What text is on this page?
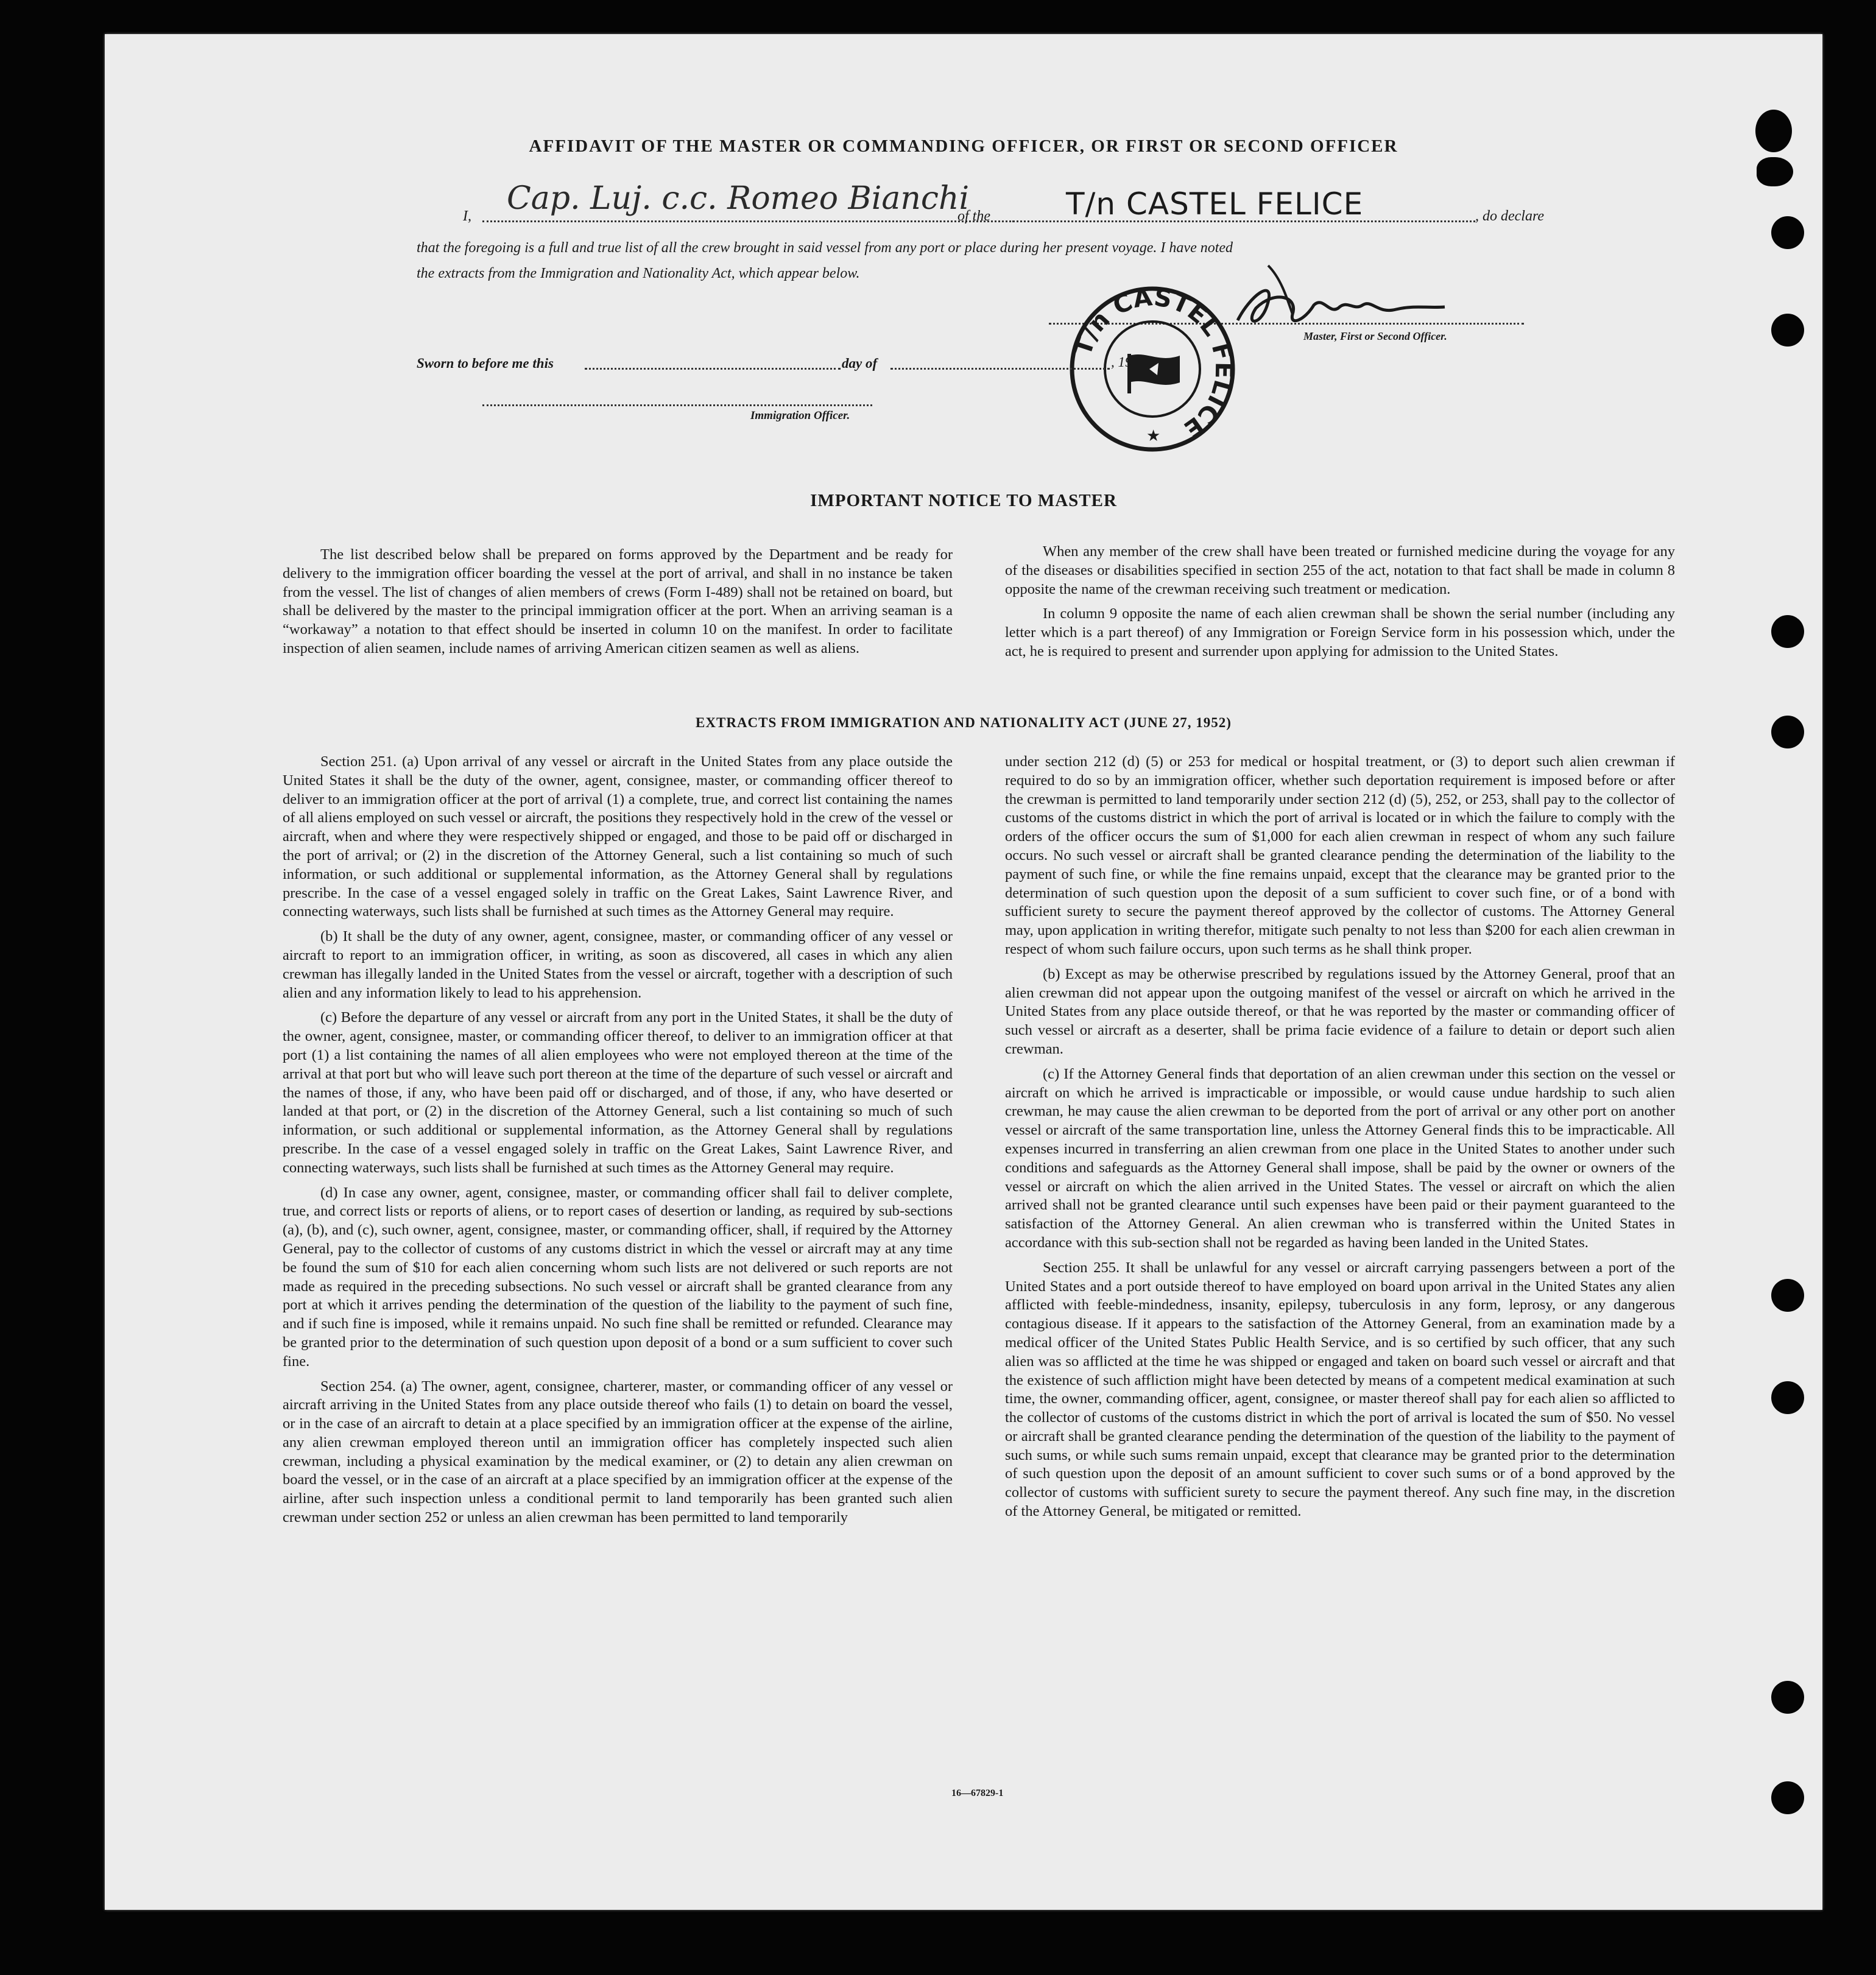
AFFIDAVIT OF THE MASTER OR COMMANDING OFFICER, OR FIRST OR SECOND OFFICER
I, Cap. Luj. c.c. Romeo Bianchi
of the T/n CASTEL FELICE	, do declare
that the foregoing is a full and true list of all the crew brought in said vessel from any port or place during her present voyage. I have noted
the extracts from the Immigration and Nationality Act, which appear below.
Master, First or Second Officer.
T/n CASTEL FELICE
★
Sworn to before me this	day of	, 19
Immigration Officer.
IMPORTANT NOTICE TO MASTER

The list described below shall be prepared on forms approved by the Department and be ready for delivery to the immigration officer boarding the vessel at the port of arrival, and shall in no instance be taken from the vessel. The list of changes of alien members of crews (Form I-489) shall not be retained on board, but shall be delivered by the master to the principal immigration officer at the port. When an arriving seaman is a “workaway” a notation to that effect should be inserted in column 10 on the manifest. In order to facilitate inspection of alien seamen, include names of arriving American citizen seamen as well as aliens.

When any member of the crew shall have been treated or furnished medicine during the voyage for any of the diseases or disabilities specified in section 255 of the act, notation to that fact shall be made in column 8 opposite the name of the crewman receiving such treatment or medication.

In column 9 opposite the name of each alien crewman shall be shown the serial number (including any letter which is a part thereof) of any Immigration or Foreign Service form in his possession which, under the act, he is required to present and surrender upon applying for admission to the United States.

EXTRACTS FROM IMMIGRATION AND NATIONALITY ACT (JUNE 27, 1952)

Section 251. (a) Upon arrival of any vessel or aircraft in the United States from any place outside the United States it shall be the duty of the owner, agent, consignee, master, or commanding officer thereof to deliver to an immigration officer at the port of arrival (1) a complete, true, and correct list containing the names of all aliens employed on such vessel or aircraft, the positions they respectively hold in the crew of the vessel or aircraft, when and where they were respectively shipped or engaged, and those to be paid off or discharged in the port of arrival; or (2) in the discretion of the Attorney General, such a list containing so much of such information, or such additional or supplemental information, as the Attorney General shall by regulations prescribe. In the case of a vessel engaged solely in traffic on the Great Lakes, Saint Lawrence River, and connecting waterways, such lists shall be furnished at such times as the Attorney General may require.

(b) It shall be the duty of any owner, agent, consignee, master, or commanding officer of any vessel or aircraft to report to an immigration officer, in writing, as soon as discovered, all cases in which any alien crewman has illegally landed in the United States from the vessel or aircraft, together with a description of such alien and any information likely to lead to his apprehension.

(c) Before the departure of any vessel or aircraft from any port in the United States, it shall be the duty of the owner, agent, consignee, master, or commanding officer thereof, to deliver to an immigration officer at that port (1) a list containing the names of all alien employees who were not employed thereon at the time of the arrival at that port but who will leave such port thereon at the time of the departure of such vessel or aircraft and the names of those, if any, who have been paid off or discharged, and of those, if any, who have deserted or landed at that port, or (2) in the discretion of the Attorney General, such a list containing so much of such information, or such additional or supplemental information, as the Attorney General shall by regulations prescribe. In the case of a vessel engaged solely in traffic on the Great Lakes, Saint Lawrence River, and connecting waterways, such lists shall be furnished at such times as the Attorney General may require.

(d) In case any owner, agent, consignee, master, or commanding officer shall fail to deliver complete, true, and correct lists or reports of aliens, or to report cases of desertion or landing, as required by sub-sections (a), (b), and (c), such owner, agent, consignee, master, or commanding officer, shall, if required by the Attorney General, pay to the collector of customs of any customs district in which the vessel or aircraft may at any time be found the sum of $10 for each alien concerning whom such lists are not delivered or such reports are not made as required in the preceding subsections. No such vessel or aircraft shall be granted clearance from any port at which it arrives pending the determination of the question of the liability to the payment of such fine, and if such fine is imposed, while it remains unpaid. No such fine shall be remitted or refunded. Clearance may be granted prior to the determination of such question upon deposit of a bond or a sum sufficient to cover such fine.

Section 254. (a) The owner, agent, consignee, charterer, master, or commanding officer of any vessel or aircraft arriving in the United States from any place outside thereof who fails (1) to detain on board the vessel, or in the case of an aircraft to detain at a place specified by an immigration officer at the expense of the airline, any alien crewman employed thereon until an immigration officer has completely inspected such alien crewman, including a physical examination by the medical examiner, or (2) to detain any alien crewman on board the vessel, or in the case of an aircraft at a place specified by an immigration officer at the expense of the airline, after such inspection unless a conditional permit to land temporarily has been granted such alien crewman under section 252 or unless an alien crewman has been permitted to land temporarily

under section 212 (d) (5) or 253 for medical or hospital treatment, or (3) to deport such alien crewman if required to do so by an immigration officer, whether such deportation requirement is imposed before or after the crewman is permitted to land temporarily under section 212 (d) (5), 252, or 253, shall pay to the collector of customs of the customs district in which the port of arrival is located or in which the failure to comply with the orders of the officer occurs the sum of $1,000 for each alien crewman in respect of whom any such failure occurs. No such vessel or aircraft shall be granted clearance pending the determination of the liability to the payment of such fine, or while the fine remains unpaid, except that the clearance may be granted prior to the determination of such question upon the deposit of a sum sufficient to cover such fine, or of a bond with sufficient surety to secure the payment thereof approved by the collector of customs. The Attorney General may, upon application in writing therefor, mitigate such penalty to not less than $200 for each alien crewman in respect of whom such failure occurs, upon such terms as he shall think proper.

(b) Except as may be otherwise prescribed by regulations issued by the Attorney General, proof that an alien crewman did not appear upon the outgoing manifest of the vessel or aircraft on which he arrived in the United States from any place outside thereof, or that he was reported by the master or commanding officer of such vessel or aircraft as a deserter, shall be prima facie evidence of a failure to detain or deport such alien crewman.

(c) If the Attorney General finds that deportation of an alien crewman under this section on the vessel or aircraft on which he arrived is impracticable or impossible, or would cause undue hardship to such alien crewman, he may cause the alien crewman to be deported from the port of arrival or any other port on another vessel or aircraft of the same transportation line, unless the Attorney General finds this to be impracticable. All expenses incurred in transferring an alien crewman from one place in the United States to another under such conditions and safeguards as the Attorney General shall impose, shall be paid by the owner or owners of the vessel or aircraft on which the alien arrived in the United States. The vessel or aircraft on which the alien arrived shall not be granted clearance until such expenses have been paid or their payment guaranteed to the satisfaction of the Attorney General. An alien crewman who is transferred within the United States in accordance with this sub-section shall not be regarded as having been landed in the United States.

Section 255. It shall be unlawful for any vessel or aircraft carrying passengers between a port of the United States and a port outside thereof to have employed on board upon arrival in the United States any alien afflicted with feeble-mindedness, insanity, epilepsy, tuberculosis in any form, leprosy, or any dangerous contagious disease. If it appears to the satisfaction of the Attorney General, from an examination made by a medical officer of the United States Public Health Service, and is so certified by such officer, that any such alien was so afflicted at the time he was shipped or engaged and taken on board such vessel or aircraft and that the existence of such affliction might have been detected by means of a competent medical examination at such time, the owner, commanding officer, agent, consignee, or master thereof shall pay for each alien so afflicted to the collector of customs of the customs district in which the port of arrival is located the sum of $50. No vessel or aircraft shall be granted clearance pending the determination of the question of the liability to the payment of such sums, or while such sums remain unpaid, except that clearance may be granted prior to the determination of such question upon the deposit of an amount sufficient to cover such sums or of a bond approved by the collector of customs with sufficient surety to secure the payment thereof. Any such fine may, in the discretion of the Attorney General, be mitigated or remitted.

16—67829-1
